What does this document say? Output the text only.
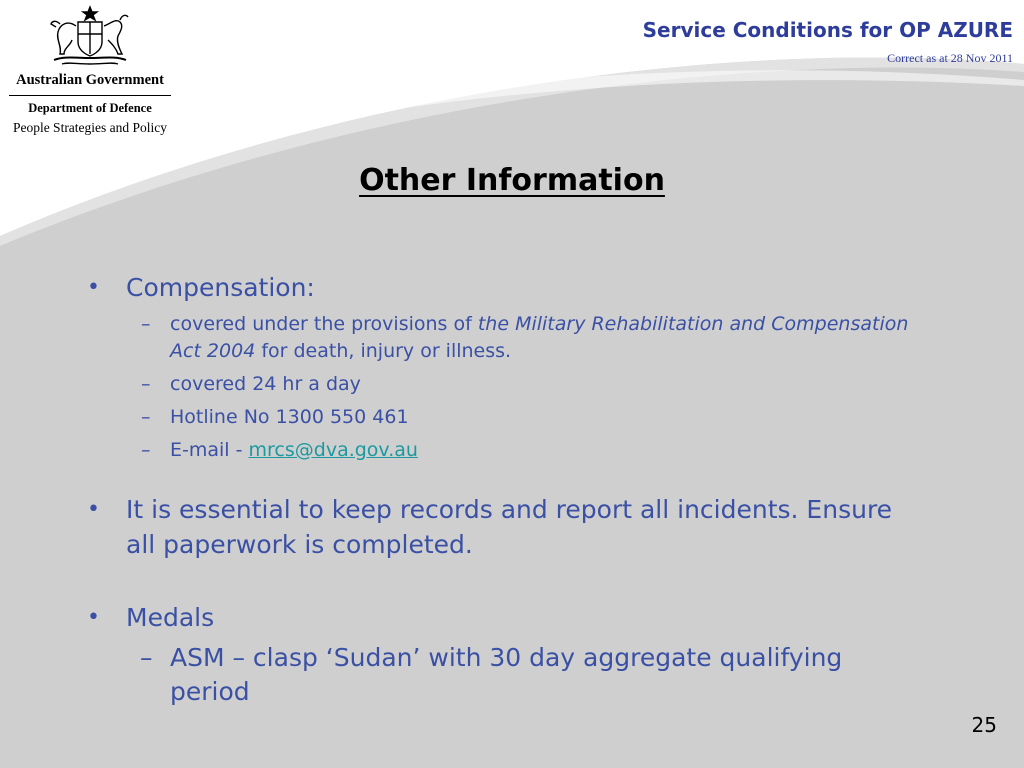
Australian Government
Department of Defence
People Strategies and Policy
Service Conditions for OP AZURE
Correct as at 28 Nov 2011
Other Information
• Compensation:
– covered under the provisions of the Military Rehabilitation and Compensation Act 2004 for death, injury or illness.
– covered 24 hr a day
– Hotline No 1300 550 461
– E-mail - mrcs@dva.gov.au
• It is essential to keep records and report all incidents. Ensure all paperwork is completed.
• Medals
– ASM – clasp ‘Sudan’ with 30 day aggregate qualifying period
25
